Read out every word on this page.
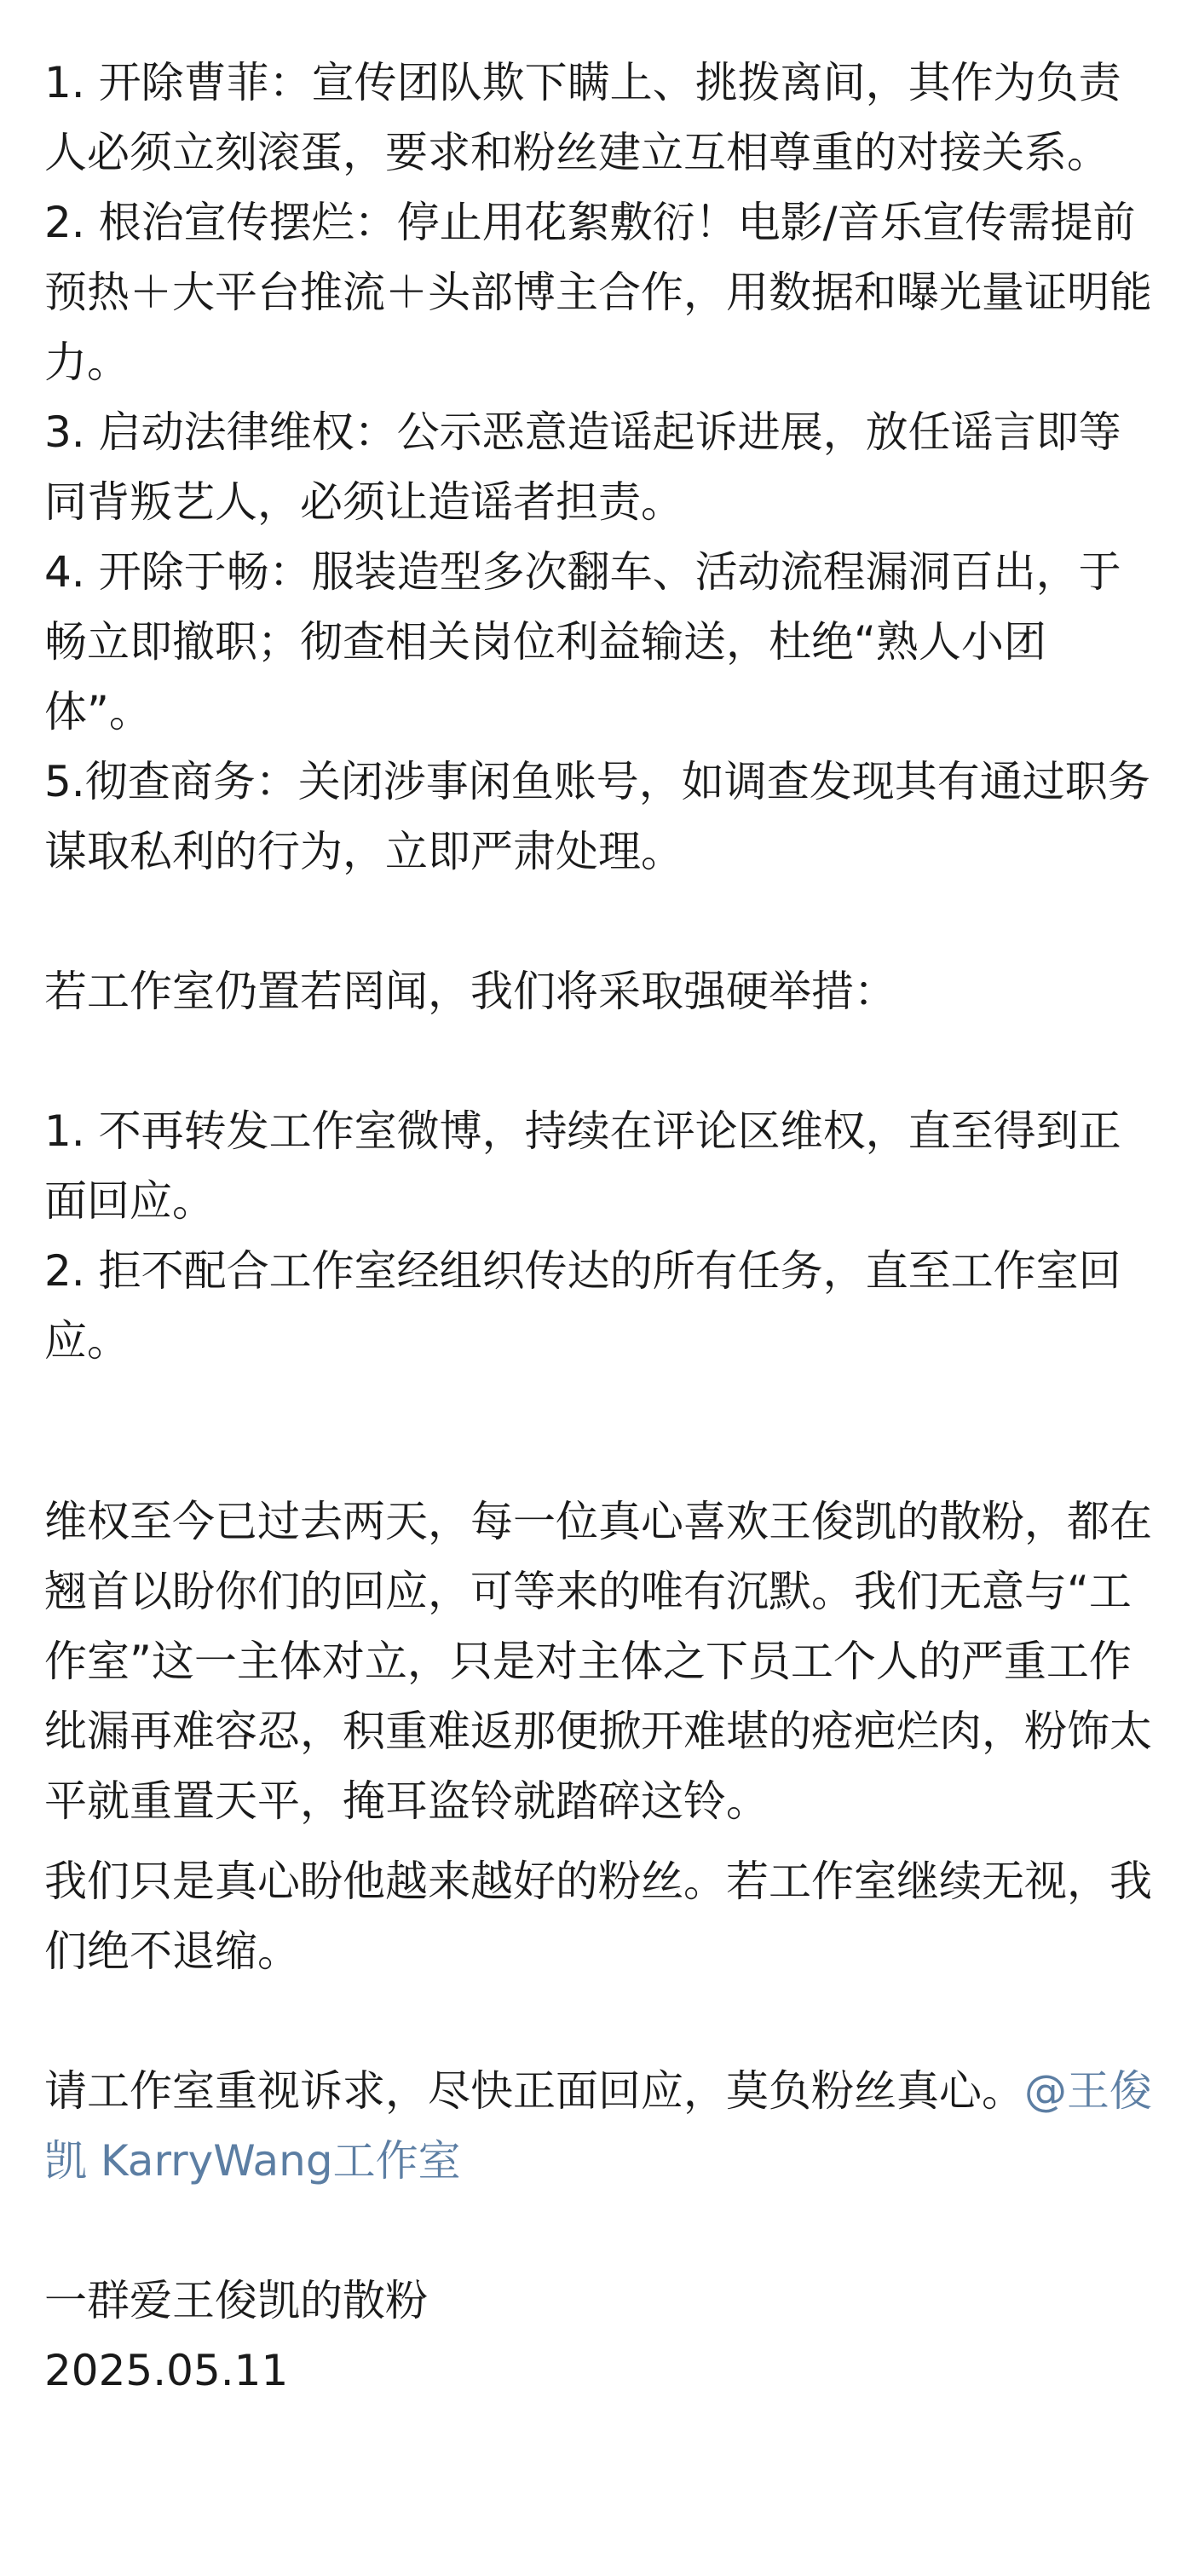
1. 开除曹菲：宣传团队欺下瞒上、挑拨离间，其作为负责人必须立刻滚蛋，要求和粉丝建立互相尊重的对接关系。

2. 根治宣传摆烂：停止用花絮敷衍！电影/音乐宣传需提前预热＋大平台推流＋头部博主合作，用数据和曝光量证明能力。

3. 启动法律维权：公示恶意造谣起诉进展，放任谣言即等同背叛艺人，必须让造谣者担责。

4. 开除于畅：服装造型多次翻车、活动流程漏洞百出，于畅立即撤职；彻查相关岗位利益输送，杜绝“熟人小团体”。

5.彻查商务：关闭涉事闲鱼账号，如调查发现其有通过职务谋取私利的行为，立即严肃处理。

若工作室仍置若罔闻，我们将采取强硬举措：

1. 不再转发工作室微博，持续在评论区维权，直至得到正面回应。

2. 拒不配合工作室经组织传达的所有任务，直至工作室回应。

维权至今已过去两天，每一位真心喜欢王俊凯的散粉，都在翘首以盼你们的回应，可等来的唯有沉默。我们无意与“工作室”这一主体对立，只是对主体之下员工个人的严重工作纰漏再难容忍，积重难返那便掀开难堪的疮疤烂肉，粉饰太平就重置天平，掩耳盗铃就踏碎这铃。

我们只是真心盼他越来越好的粉丝。若工作室继续无视，我们绝不退缩。

请工作室重视诉求，尽快正面回应，莫负粉丝真心。@王俊凯 KarryWang工作室

一群爱王俊凯的散粉

2025.05.11
